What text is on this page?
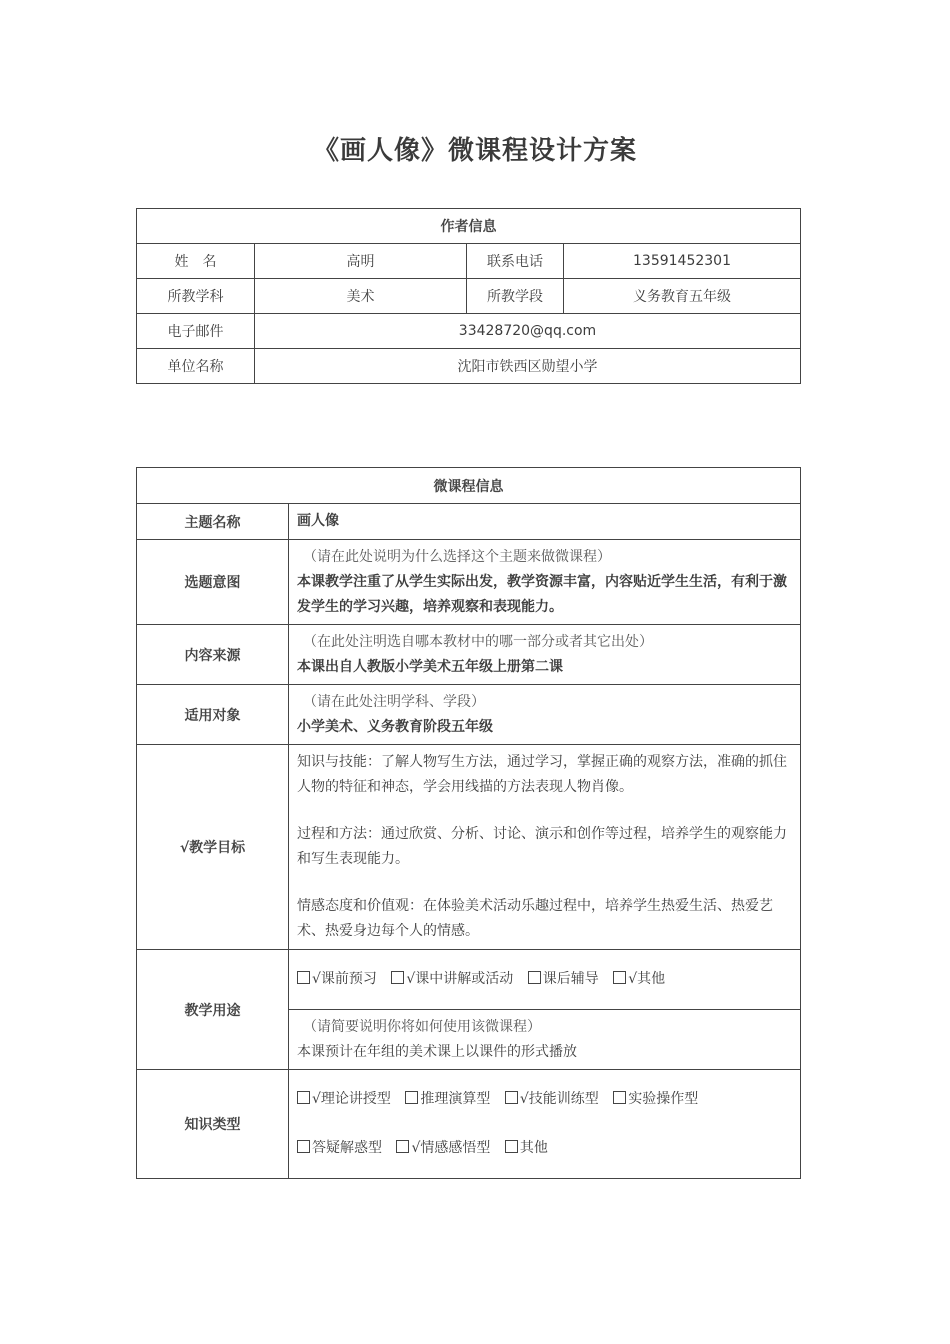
《画人像》微课程设计方案
作者信息			
姓　名	高明	联系电话	13591452301
所教学科	美术	所教学段	义务教育五年级
电子邮件	33428720@qq.com		
单位名称	沈阳市铁西区勋望小学		
微课程信息	
主题名称	画人像
选题意图	（请在此处说明为什么选择这个主题来做微课程）
本课教学注重了从学生实际出发，教学资源丰富，内容贴近学生生活，有利于激发学生的学习兴趣，培养观察和表现能力。

内容来源	（在此处注明选自哪本教材中的哪一部分或者其它出处）
本课出自人教版小学美术五年级上册第二课

适用对象	（请在此处注明学科、学段）
小学美术、义务教育阶段五年级

√教学目标	知识与技能：了解人物写生方法，通过学习，掌握正确的观察方法，准确的抓住人物的特征和神态，学会用线描的方法表现人物肖像。
过程和方法：通过欣赏、分析、讨论、演示和创作等过程，培养学生的观察能力和写生表现能力。
情感态度和价值观：在体验美术活动乐趣过程中，培养学生热爱生活、热爱艺术、热爱身边每个人的情感。

教学用途	√课前预习 √课中讲解或活动 课后辅导 √其他

	（请简要说明你将如何使用该微课程）
本课预计在年组的美术课上以课件的形式播放

知识类型	√理论讲授型 推理演算型 √技能训练型 实验操作型
答疑解惑型 √情感感悟型 其他
